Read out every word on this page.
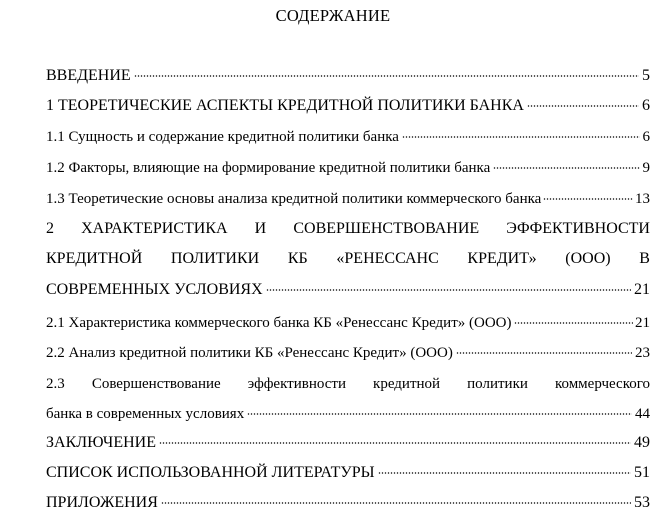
СОДЕРЖАНИЕ
ВВЕДЕНИЕ	5
1 ТЕОРЕТИЧЕСКИЕ АСПЕКТЫ КРЕДИТНОЙ ПОЛИТИКИ БАНКА	6
1.1 Сущность и содержание кредитной политики банка	6
1.2 Факторы, влияющие на формирование кредитной политики банка	9
1.3 Теоретические основы анализа кредитной политики коммерческого банка	13
2 ХАРАКТЕРИСТИКА И СОВЕРШЕНСТВОВАНИЕ ЭФФЕКТИВНОСТИ
КРЕДИТНОЙ ПОЛИТИКИ КБ «РЕНЕССАНС КРЕДИТ» (ООО) В
СОВРЕМЕННЫХ УСЛОВИЯХ	21
2.1 Характеристика коммерческого банка КБ «Ренессанс Кредит» (ООО)	21
2.2 Анализ кредитной политики КБ «Ренессанс Кредит» (ООО)	23
2.3 Совершенствование эффективности кредитной политики коммерческого
банка в современных условиях	44
ЗАКЛЮЧЕНИЕ	49
СПИСОК ИСПОЛЬЗОВАННОЙ ЛИТЕРАТУРЫ	51
ПРИЛОЖЕНИЯ	53
